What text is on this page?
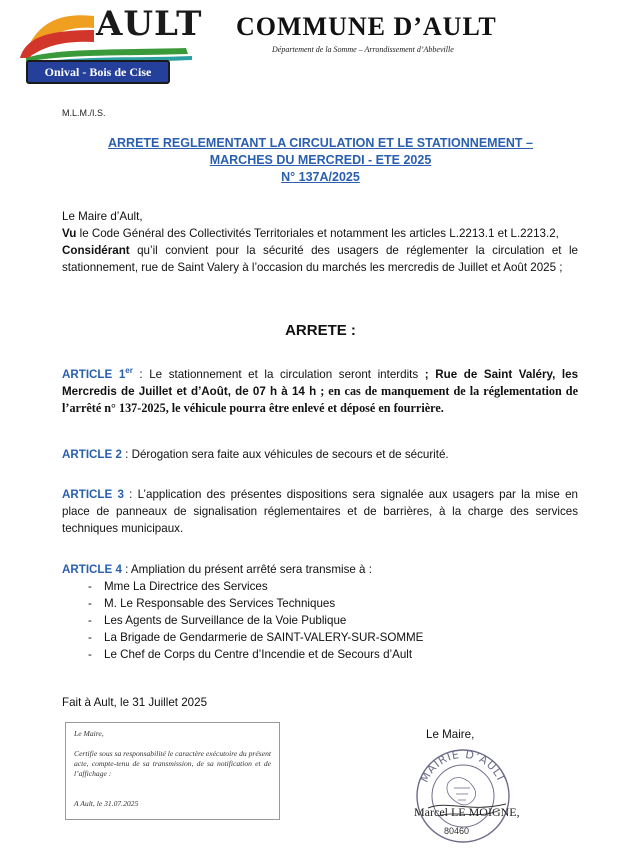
AULT
Onival - Bois de Cise
COMMUNE D’AULT
Département de la Somme – Arrondissement d’Abbeville
M.L.M./I.S.
ARRETE REGLEMENTANT LA CIRCULATION ET LE STATIONNEMENT –
MARCHES DU MERCREDI - ETE 2025
N° 137A/2025
Le Maire d’Ault,
Vu le Code Général des Collectivités Territoriales et notamment les articles L.2213.1 et L.2213.2,
Considérant qu’il convient pour la sécurité des usagers de réglementer la circulation et le stationnement, rue de Saint Valery à l’occasion du marchés les mercredis de Juillet et Août 2025 ;
ARRETE :
ARTICLE 1er : Le stationnement et la circulation seront interdits ; Rue de Saint Valéry, les Mercredis de Juillet et d’Août, de 07 h à 14 h ; en cas de manquement de la réglementation de l’arrêté n° 137-2025, le véhicule pourra être enlevé et déposé en fourrière.
ARTICLE 2 : Dérogation sera faite aux véhicules de secours et de sécurité.
ARTICLE 3 : L’application des présentes dispositions sera signalée aux usagers par la mise en place de panneaux de signalisation réglementaires et de barrières, à la charge des services techniques municipaux.
ARTICLE 4 : Ampliation du présent arrêté sera transmise à :
- Mme La Directrice des Services
- M. Le Responsable des Services Techniques
- Les Agents de Surveillance de la Voie Publique
- La Brigade de Gendarmerie de SAINT-VALERY-SUR-SOMME
- Le Chef de Corps du Centre d’Incendie et de Secours d’Ault
Fait à Ault, le 31 Juillet 2025
Le Maire,
Certifie sous sa responsabilité le caractère exécutoire du présent acte, compte-tenu de sa transmission, de sa notification et de l’affichage :
A Ault, le 31.07.2025
Le Maire,
MAIRIE D’AULT
Marcel LE MOIGNE,
80460
